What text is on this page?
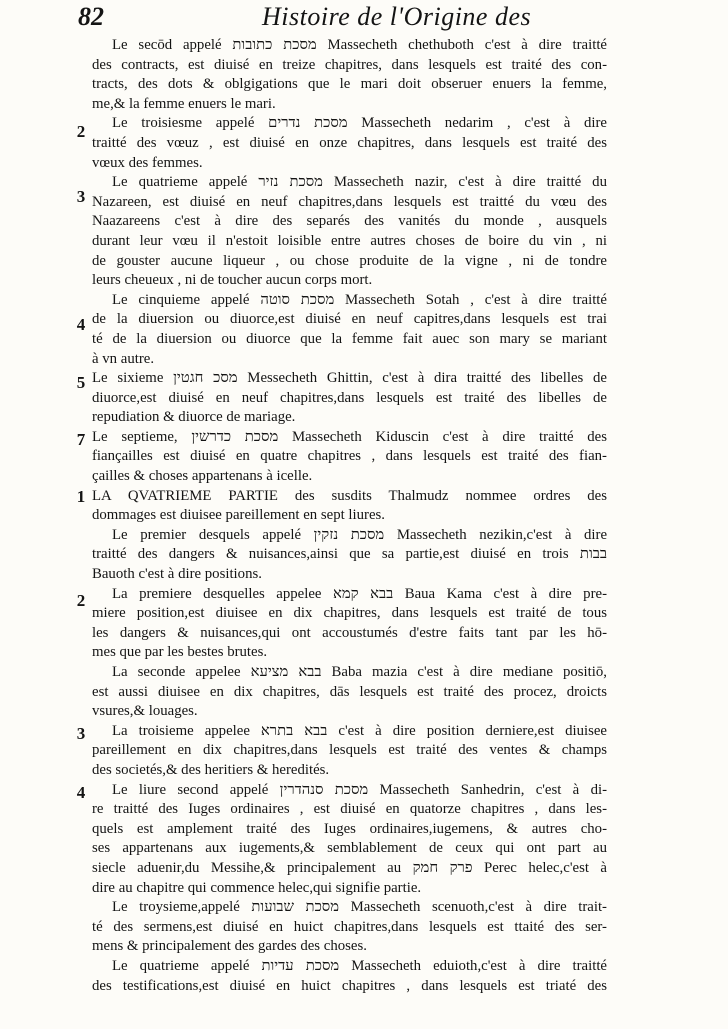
82	Histoire de l'Origine des
Le secōd appelé מסכת כתובות Massecheth chethuboth c'est à dire traitté
des contracts, est diuisé en treize chapitres, dans lesquels est traité des con-
tracts, des dots & oblgigations que le mari doit obseruer enuers la femme,
me,& la femme enuers le mari.
2	Le troisiesme appelé מסכת נדרים Massecheth nedarim , c'est à dire
traitté des vœuz , est diuisé en onze chapitres, dans lesquels est traité des
vœux des femmes.
3
Le quatrieme appelé מסכת נזיר Massecheth nazir, c'est à dire traitté du
Nazareen, est diuisé en neuf chapitres,dans lesquels est traitté du vœu des
Naazareens c'est à dire des separés des vanités du monde , ausquels
durant leur vœu il n'estoit loisible entre autres choses de boire du vin , ni
de gouster aucune liqueur , ou chose produite de la vigne , ni de tondre
leurs cheueux , ni de toucher aucun corps mort.
4
Le cinquieme appelé מסכת סוטה Massecheth Sotah , c'est à dire traitté
de la diuersion ou diuorce,est diuisé en neuf capitres,dans lesquels est trai
té de la diuersion ou diuorce que la femme fait auec son mary se mariant
à vn autre.
5 Le sixieme מסכ חגטין Messecheth Ghittin, c'est à dira traitté des libelles de
diuorce,est diuisé en neuf chapitres,dans lesquels est traité des libelles de
repudiation & diuorce de mariage.
7 Le septieme, מסכת כדרשין Massecheth Kiduscin c'est à dire traitté des
fiançailles est diuisé en quatre chapitres , dans lesquels est traité des fian-
çailles & choses appartenans à icelle.
1 LA QVATRIEME PARTIE des susdits Thalmudz nommee ordres des
dommages est diuisee pareillement en sept liures.
Le premier desquels appelé מסכת נזקין Massecheth nezikin,c'est à dire
traitté des dangers & nuisances,ainsi que sa partie,est diuisé en trois בבות
Bauoth c'est à dire positions.
2	La premiere desquelles appelee בבא קמא Baua Kama c'est à dire pre-
miere position,est diuisee en dix chapitres, dans lesquels est traité de tous
les dangers & nuisances,qui ont accoustumés d'estre faits tant par les hō-
mes que par les bestes brutes.
La seconde appelee בבא מציעא Baba mazia c'est à dire mediane positiō,
est aussi diuisee en dix chapitres, dās lesquels est traité des procez, droicts
vsures,& louages.
3	La troisieme appelee בבא בתרא c'est à dire position derniere,est diuisee
pareillement en dix chapitres,dans lesquels est traité des ventes & champs
des societés,& des heritiers & heredités.
4	Le liure second appelé מסכת סנהדרין Massecheth Sanhedrin, c'est à di-
re traitté des Iuges ordinaires , est diuisé en quatorze chapitres , dans les-
quels est amplement traité des Iuges ordinaires,iugemens, & autres cho-
ses appartenans aux iugements,& semblablement de ceux qui ont part au
siecle aduenir,du Messihe,& principalement au פרק חמק Perec helec,c'est à
dire au chapitre qui commence helec,qui signifie partie.
Le troysieme,appelé מסכת שבועות Massecheth scenuoth,c'est à dire trait-
té des sermens,est diuisé en huict chapitres,dans lesquels est ttaité des ser-
mens & principalement des gardes des choses.
Le quatrieme appelé מסכת עדיות Massecheth eduioth,c'est à dire traitté
des testifications,est diuisé en huict chapitres , dans lesquels est triaté des
